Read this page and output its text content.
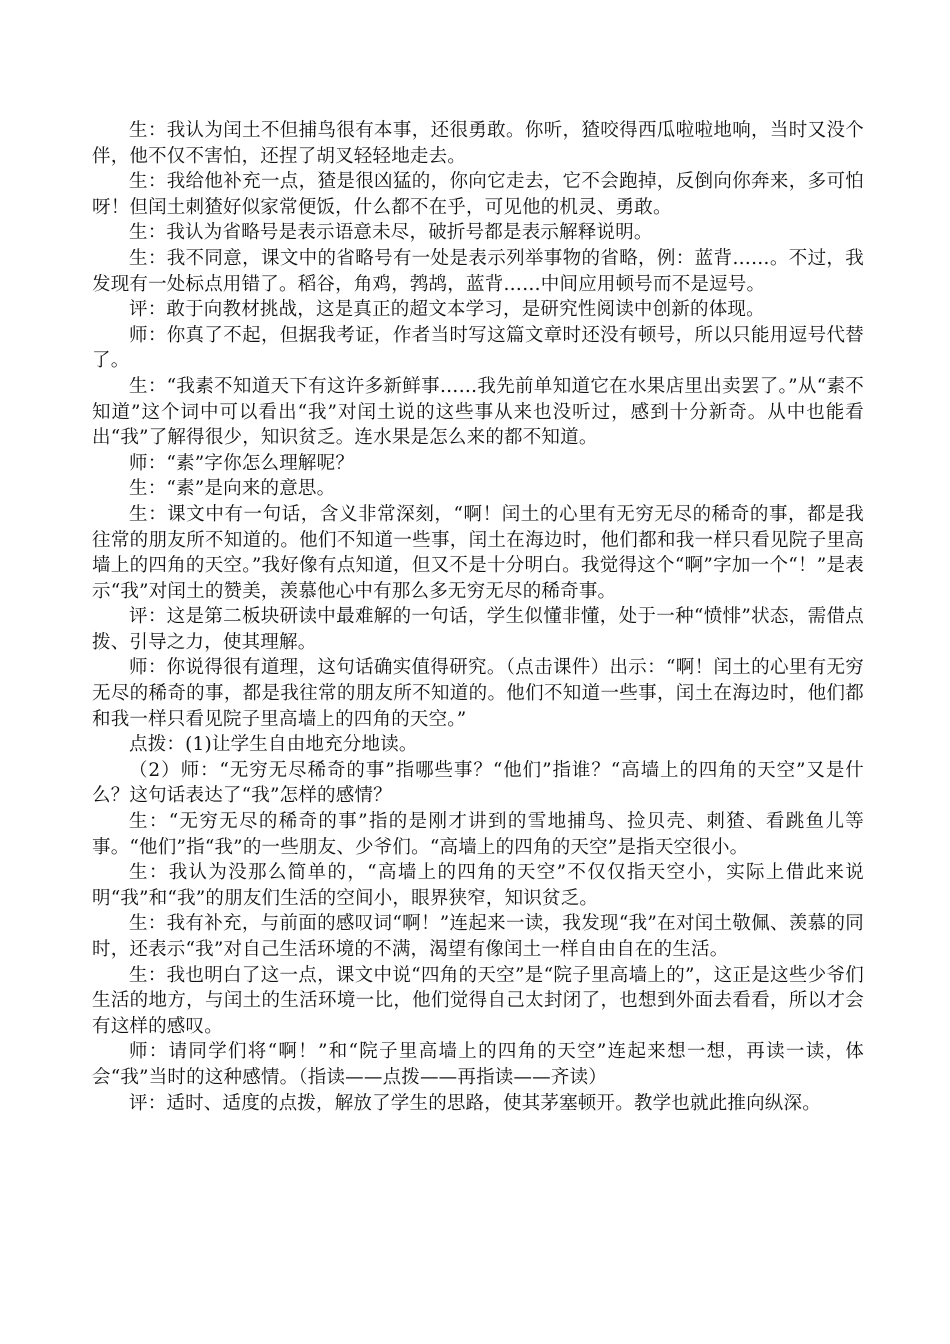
生：我认为闰土不但捕鸟很有本事，还很勇敢。你听，猹咬得西瓜啦啦地响，当时又没个伴，他不仅不害怕，还捏了胡叉轻轻地走去。

生：我给他补充一点，猹是很凶猛的，你向它走去，它不会跑掉，反倒向你奔来，多可怕呀！但闰土刺猹好似家常便饭，什么都不在乎，可见他的机灵、勇敢。

生：我认为省略号是表示语意未尽，破折号都是表示解释说明。

生：我不同意，课文中的省略号有一处是表示列举事物的省略，例：蓝背……。不过，我发现有一处标点用错了。稻谷，角鸡，鹁鸪，蓝背……中间应用顿号而不是逗号。

评：敢于向教材挑战，这是真正的超文本学习，是研究性阅读中创新的体现。

师：你真了不起，但据我考证，作者当时写这篇文章时还没有顿号，所以只能用逗号代替了。

生：“我素不知道天下有这许多新鲜事……我先前单知道它在水果店里出卖罢了。”从“素不知道”这个词中可以看出“我”对闰土说的这些事从来也没听过，感到十分新奇。从中也能看出“我”了解得很少，知识贫乏。连水果是怎么来的都不知道。

师：“素”字你怎么理解呢？

生：“素”是向来的意思。

生：课文中有一句话，含义非常深刻，“啊！闰土的心里有无穷无尽的稀奇的事，都是我往常的朋友所不知道的。他们不知道一些事，闰土在海边时，他们都和我一样只看见院子里高墙上的四角的天空。”我好像有点知道，但又不是十分明白。我觉得这个“啊”字加一个“！”是表示“我”对闰土的赞美，羡慕他心中有那么多无穷无尽的稀奇事。

评：这是第二板块研读中最难解的一句话，学生似懂非懂，处于一种“愤悱”状态，需借点拨、引导之力，使其理解。

师：你说得很有道理，这句话确实值得研究。（点击课件）出示：“啊！闰土的心里有无穷无尽的稀奇的事，都是我往常的朋友所不知道的。他们不知道一些事，闰土在海边时，他们都和我一样只看见院子里高墙上的四角的天空。”

点拨：(1)让学生自由地充分地读。

（2）师：“无穷无尽稀奇的事”指哪些事？“他们”指谁？“高墙上的四角的天空”又是什么？这句话表达了“我”怎样的感情？

生：“无穷无尽的稀奇的事”指的是刚才讲到的雪地捕鸟、捡贝壳、刺猹、看跳鱼儿等事。“他们”指“我”的一些朋友、少爷们。“高墙上的四角的天空”是指天空很小。

生：我认为没那么简单的，“高墙上的四角的天空”不仅仅指天空小，实际上借此来说明“我”和“我”的朋友们生活的空间小，眼界狭窄，知识贫乏。

生：我有补充，与前面的感叹词“啊！”连起来一读，我发现“我”在对闰土敬佩、羡慕的同时，还表示“我”对自己生活环境的不满，渴望有像闰土一样自由自在的生活。

生：我也明白了这一点，课文中说“四角的天空”是“院子里高墙上的”，这正是这些少爷们生活的地方，与闰土的生活环境一比，他们觉得自己太封闭了，也想到外面去看看，所以才会有这样的感叹。

师：请同学们将“啊！”和“院子里高墙上的四角的天空”连起来想一想，再读一读，体会“我”当时的这种感情。（指读——点拨——再指读——齐读）

评：适时、适度的点拨，解放了学生的思路，使其茅塞顿开。教学也就此推向纵深。
